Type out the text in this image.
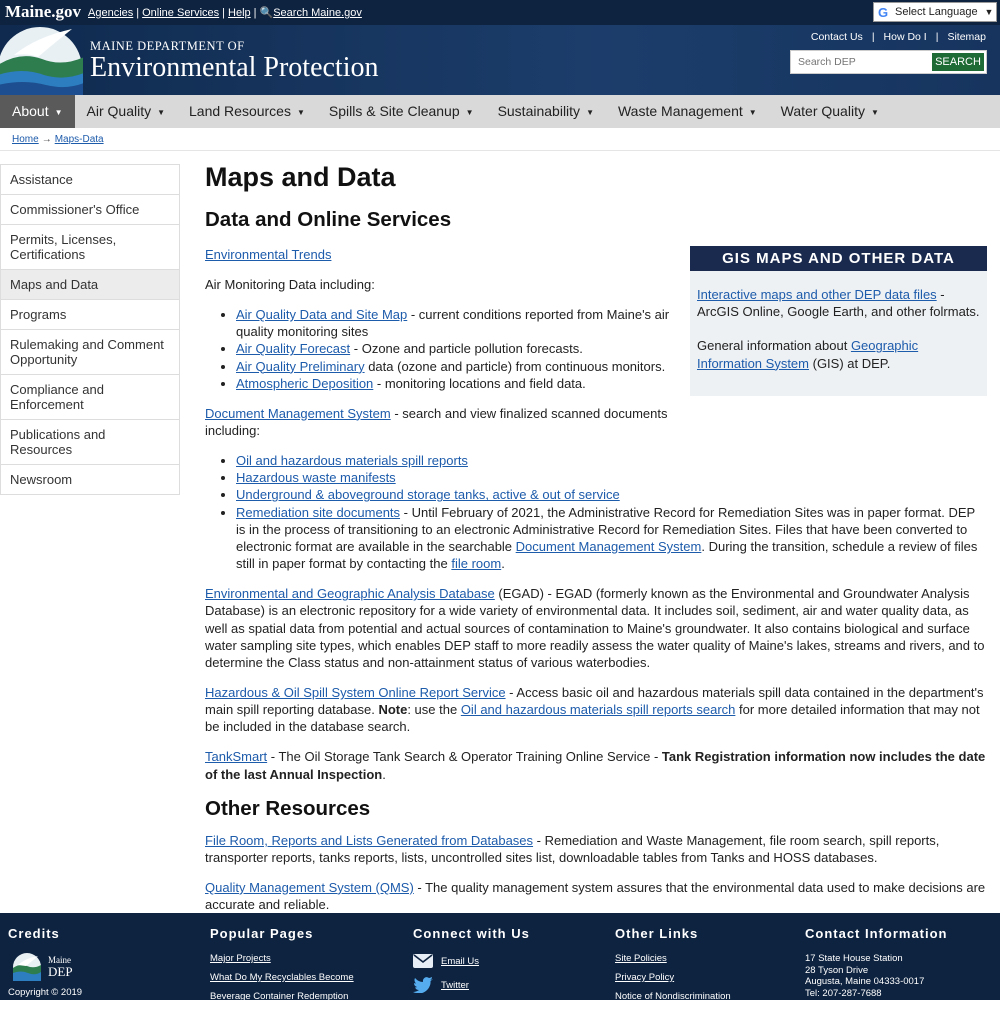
Maine.gov Agencies | Online Services | Help | 🔍Search Maine.gov	G Select Language ▼
MAINE DEPARTMENT OF
Environmental Protection
Contact Us | How Do I | Sitemap
Search DEP
SEARCH
About ▼	Air Quality ▼	Land Resources ▼	Spills & Site Cleanup ▼	Sustainability ▼	Waste Management ▼	Water Quality ▼
Home → Maps-Data
Assistance
Commissioner's Office
Permits, Licenses, Certifications
Maps and Data
Programs
Rulemaking and Comment Opportunity
Compliance and Enforcement
Publications and Resources
Newsroom
Maps and Data
Data and Online Services
GIS MAPS AND OTHER DATA

Interactive maps and other DEP data files - ArcGIS Online, Google Earth, and other folrmats.

General information about Geographic Information System (GIS) at DEP.

Environmental Trends

Air Monitoring Data including:

• Air Quality Data and Site Map - current conditions reported from Maine's air quality monitoring sites
• Air Quality Forecast - Ozone and particle pollution forecasts.
• Air Quality Preliminary data (ozone and particle) from continuous monitors.
• Atmospheric Deposition - monitoring locations and field data.

Document Management System - search and view finalized scanned documents including:

• Oil and hazardous materials spill reports
• Hazardous waste manifests
• Underground & aboveground storage tanks, active & out of service
• Remediation site documents - Until February of 2021, the Administrative Record for Remediation Sites was in paper format. DEP is in the process of transitioning to an electronic Administrative Record for Remediation Sites. Files that have been converted to electronic format are available in the searchable Document Management System. During the transition, schedule a review of files still in paper format by contacting the file room.

Environmental and Geographic Analysis Database (EGAD) - EGAD (formerly known as the Environmental and Groundwater Analysis Database) is an electronic repository for a wide variety of environmental data. It includes soil, sediment, air and water quality data, as well as spatial data from potential and actual sources of contamination to Maine's groundwater. It also contains biological and surface water sampling site types, which enables DEP staff to more readily assess the water quality of Maine's lakes, streams and rivers, and to determine the Class status and non-attainment status of various waterbodies.

Hazardous & Oil Spill System Online Report Service - Access basic oil and hazardous materials spill data contained in the department's main spill reporting database. Note: use the Oil and hazardous materials spill reports search for more detailed information that may not be included in the database search.

TankSmart - The Oil Storage Tank Search & Operator Training Online Service - Tank Registration information now includes the date of the last Annual Inspection.

Other Resources

File Room, Reports and Lists Generated from Databases - Remediation and Waste Management, file room search, spill reports, transporter reports, tanks reports, lists, uncontrolled sites list, downloadable tables from Tanks and HOSS databases.

Quality Management System (QMS) - The quality management system assures that the environmental data used to make decisions are accurate and reliable.

Credits
Maine
DEP
Copyright © 2019
Popular Pages
Major Projects
What Do My Recyclables Become
Beverage Container Redemption
Connect with Us
Email Us
Twitter
Other Links
Site Policies
Privacy Policy
Notice of Nondiscrimination
Contact Information
17 State House Station
28 Tyson Drive
Augusta, Maine 04333-0017
Tel: 207-287-7688
